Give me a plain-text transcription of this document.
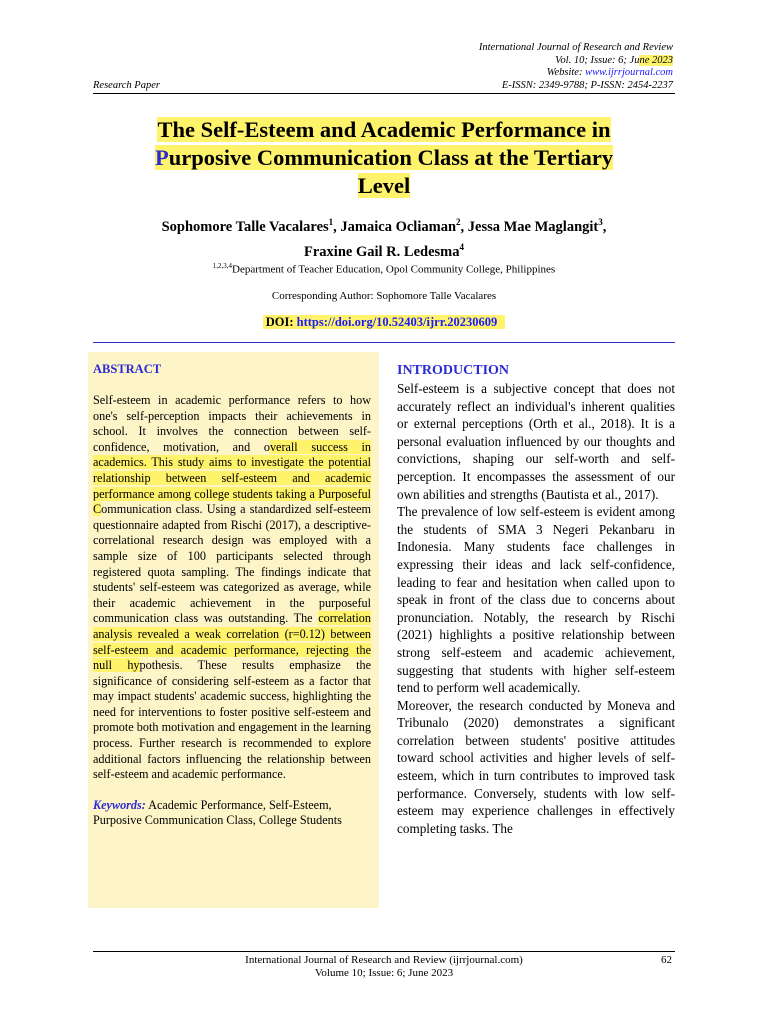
International Journal of Research and Review
Vol. 10; Issue: 6; June 2023
Website: www.ijrrjournal.com
E-ISSN: 2349-9788; P-ISSN: 2454-2237
Research Paper
The Self-Esteem and Academic Performance in
Purposive Communication Class at the Tertiary
Level
Sophomore Talle Vacalares$^1$, Jamaica Ocliaman$^2$, Jessa Mae Maglangit$^3$,
Fraxine Gail R. Ledesma$^4$
$^{1,2,3,4}$Department of Teacher Education, Opol Community College, Philippines
Corresponding Author: Sophomore Talle Vacalares
DOI: https://doi.org/10.52403/ijrr.20230609
ABSTRACT
Self-esteem in academic performance refers to how one's self-perception impacts their achievements in school. It involves the connection between self-confidence, motivation, and overall success in academics. This study aims to investigate the potential relationship between self-esteem and academic performance among college students taking a Purposeful Communication class. Using a standardized self-esteem questionnaire adapted from Rischi (2017), a descriptive-correlational research design was employed with a sample size of 100 participants selected through registered quota sampling. The findings indicate that students' self-esteem was categorized as average, while their academic achievement in the purposeful communication class was outstanding. The correlation analysis revealed a weak correlation (r=0.12) between self-esteem and academic performance, rejecting the null hypothesis. These results emphasize the significance of considering self-esteem as a factor that may impact students' academic success, highlighting the need for interventions to foster positive self-esteem and promote both motivation and engagement in the learning process. Further research is recommended to explore additional factors influencing the relationship between self-esteem and academic performance.
Keywords: Academic Performance, Self-Esteem, Purposive Communication Class, College Students
INTRODUCTION

Self-esteem is a subjective concept that does not accurately reflect an individual's inherent qualities or external perceptions (Orth et al., 2018). It is a personal evaluation influenced by our thoughts and convictions, shaping our self-worth and self-perception. It encompasses the assessment of our own abilities and strengths (Bautista et al., 2017).

The prevalence of low self-esteem is evident among the students of SMA 3 Negeri Pekanbaru in Indonesia. Many students face challenges in expressing their ideas and lack self-confidence, leading to fear and hesitation when called upon to speak in front of the class due to concerns about pronunciation. Notably, the research by Rischi (2021) highlights a positive relationship between strong self-esteem and academic achievement, suggesting that students with higher self-esteem tend to perform well academically.

Moreover, the research conducted by Moneva and Tribunalo (2020) demonstrates a significant correlation between students' positive attitudes toward school activities and higher levels of self-esteem, which in turn contributes to improved task performance. Conversely, students with low self-esteem may experience challenges in effectively completing tasks. The

International Journal of Research and Review (ijrrjournal.com)
Volume 10; Issue: 6; June 2023
62
